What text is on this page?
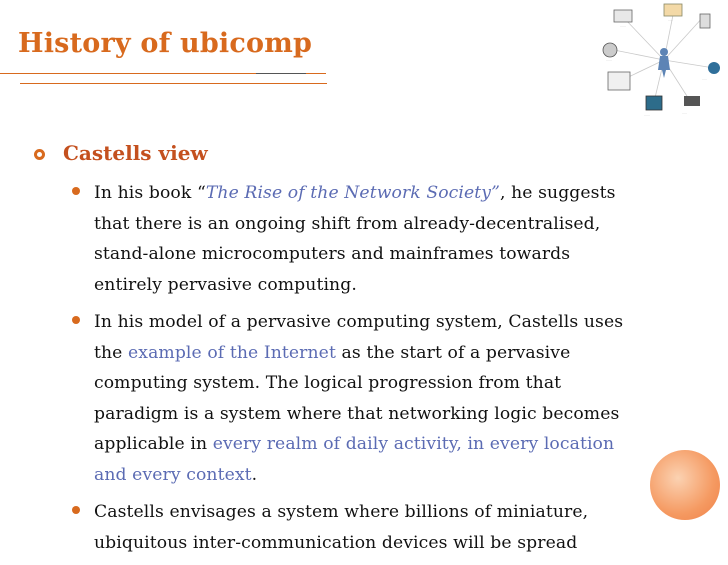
History of ubicomp
······
·····
······
·····
······	·····
Castells view

In his book “The Rise of the Network Society”, he suggests that there is an ongoing shift from already-decentralised, stand-alone microcomputers and mainframes towards entirely pervasive computing.

In his model of a pervasive computing system, Castells uses the example of the Internet as the start of a pervasive computing system. The logical progression from that paradigm is a system where that networking logic becomes applicable in every realm of daily activity, in every location and every context.

Castells envisages a system where billions of miniature, ubiquitous inter-communication devices will be spread
